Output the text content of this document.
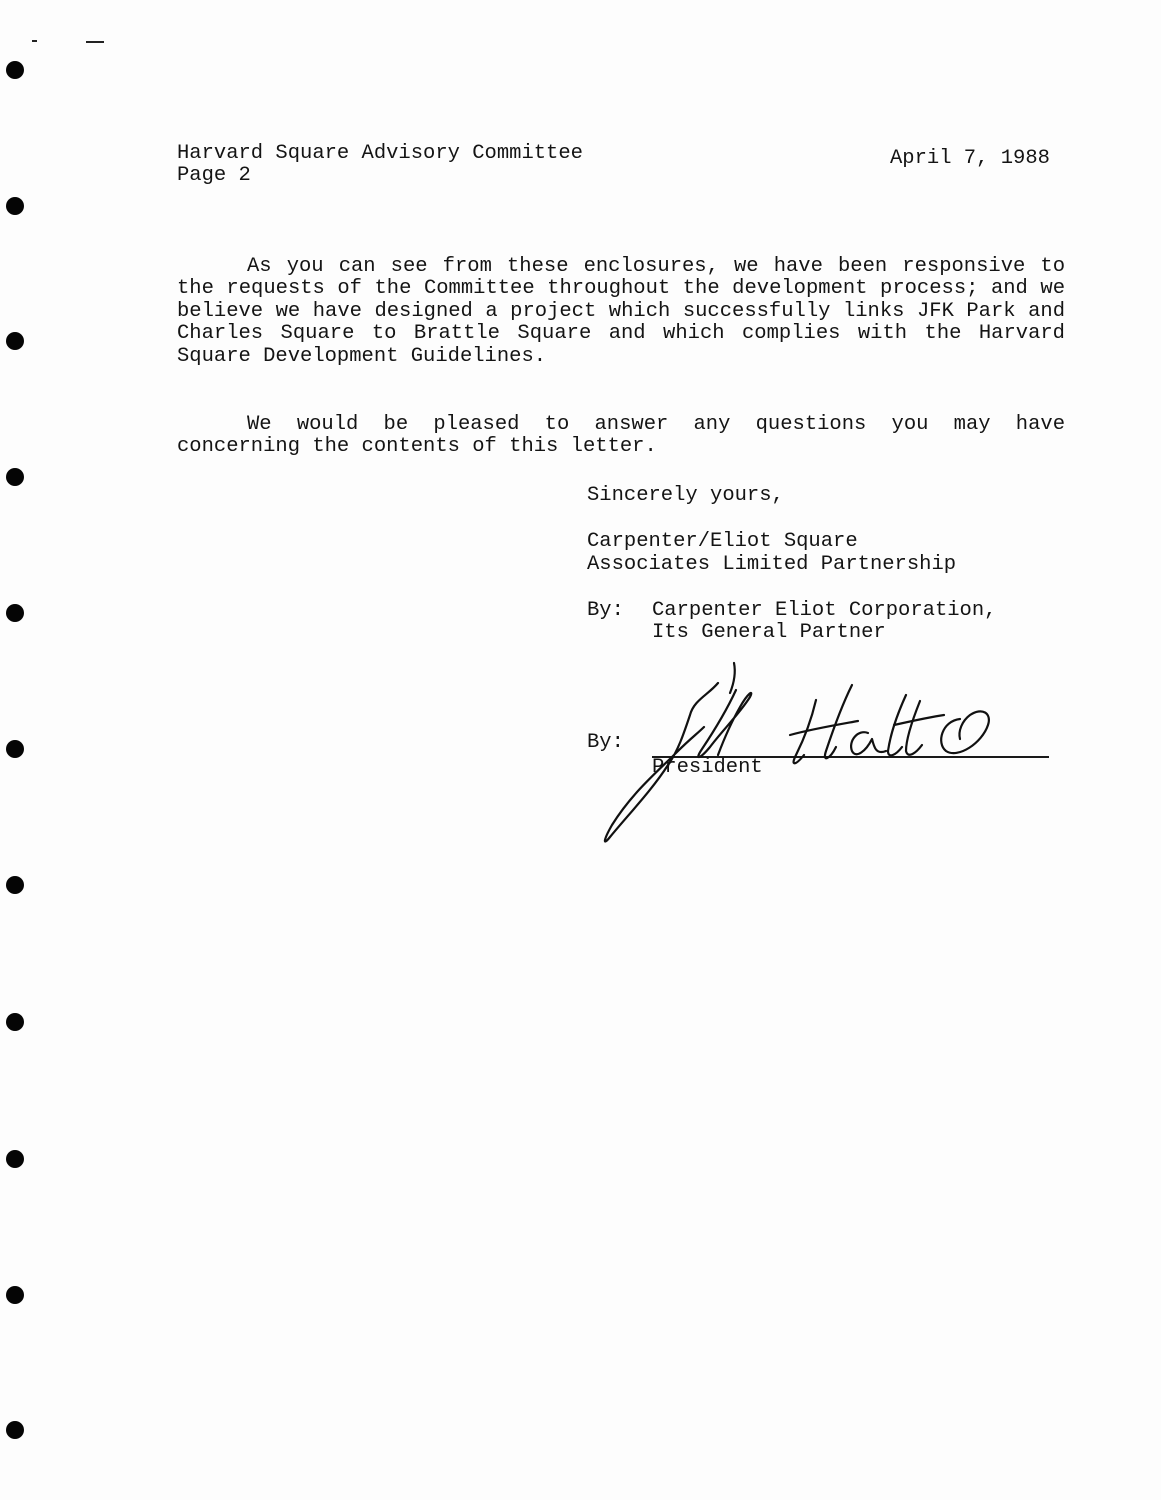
Harvard Square Advisory Committee
Page 2
April 7, 1988
As you can see from these enclosures, we have been responsive to the requests of the Committee throughout the development process; and we believe we have designed a project which successfully links JFK Park and Charles Square to Brattle Square and which complies with the Harvard Square Development Guidelines.
We would be pleased to answer any questions you may have concerning the contents of this letter.
Sincerely yours,
Carpenter/Eliot Square
Associates Limited Partnership
By: Carpenter Eliot Corporation,
Its General Partner
By:
President
